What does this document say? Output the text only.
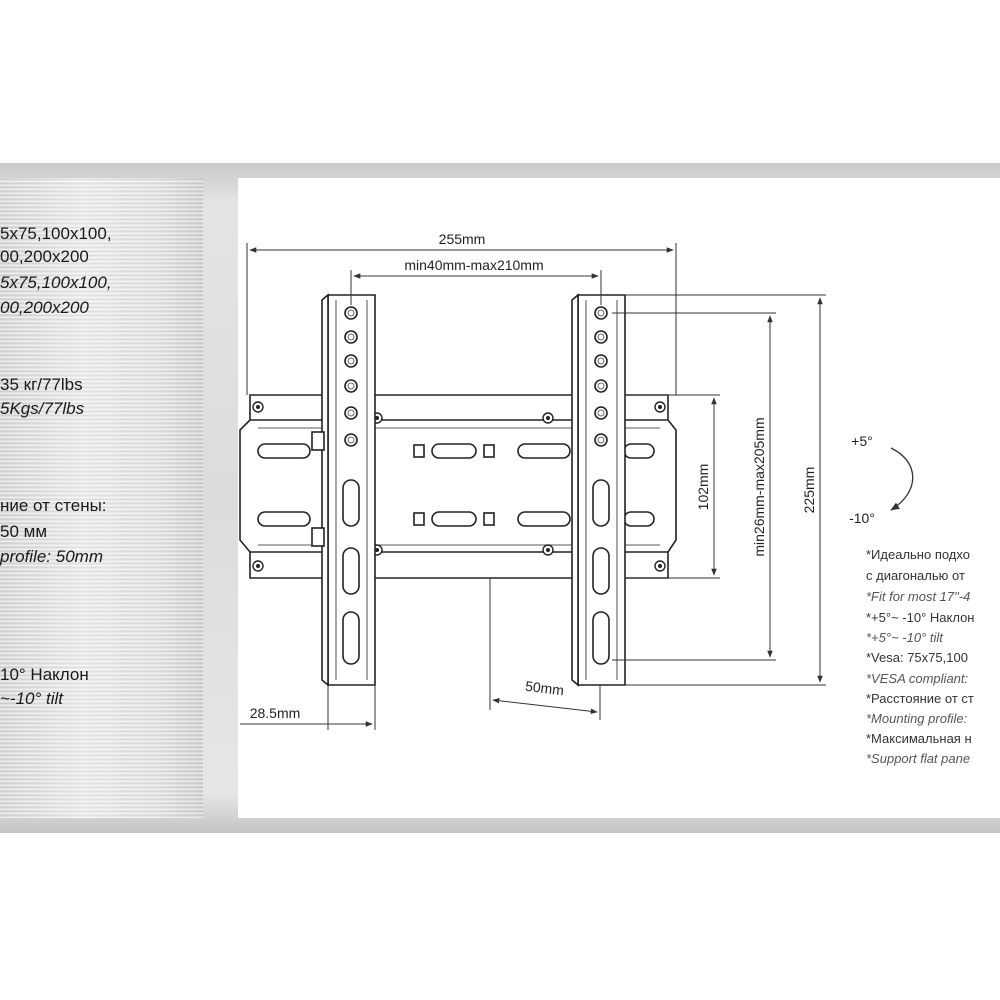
5x75,100x100,
00,200x200
5x75,100x100,
00,200x200
35 кг/77lbs
5Kgs/77lbs
ние от стены:
50 мм
profile: 50mm
10° Наклон
~-10° tilt
255mm
min40mm-max210mm
102mm	min26mm-max205mm 225mm
50mm
28.5mm
+5°
-10°
*Идеально подхо
с диагональю от
*Fit for most 17"-4
*+5°~ -10° Наклон
*+5°~ -10° tilt
*Vesa: 75x75,100
*VESA compliant:
*Расстояние от ст
*Mounting profile:
*Максимальная н
*Support flat pane
